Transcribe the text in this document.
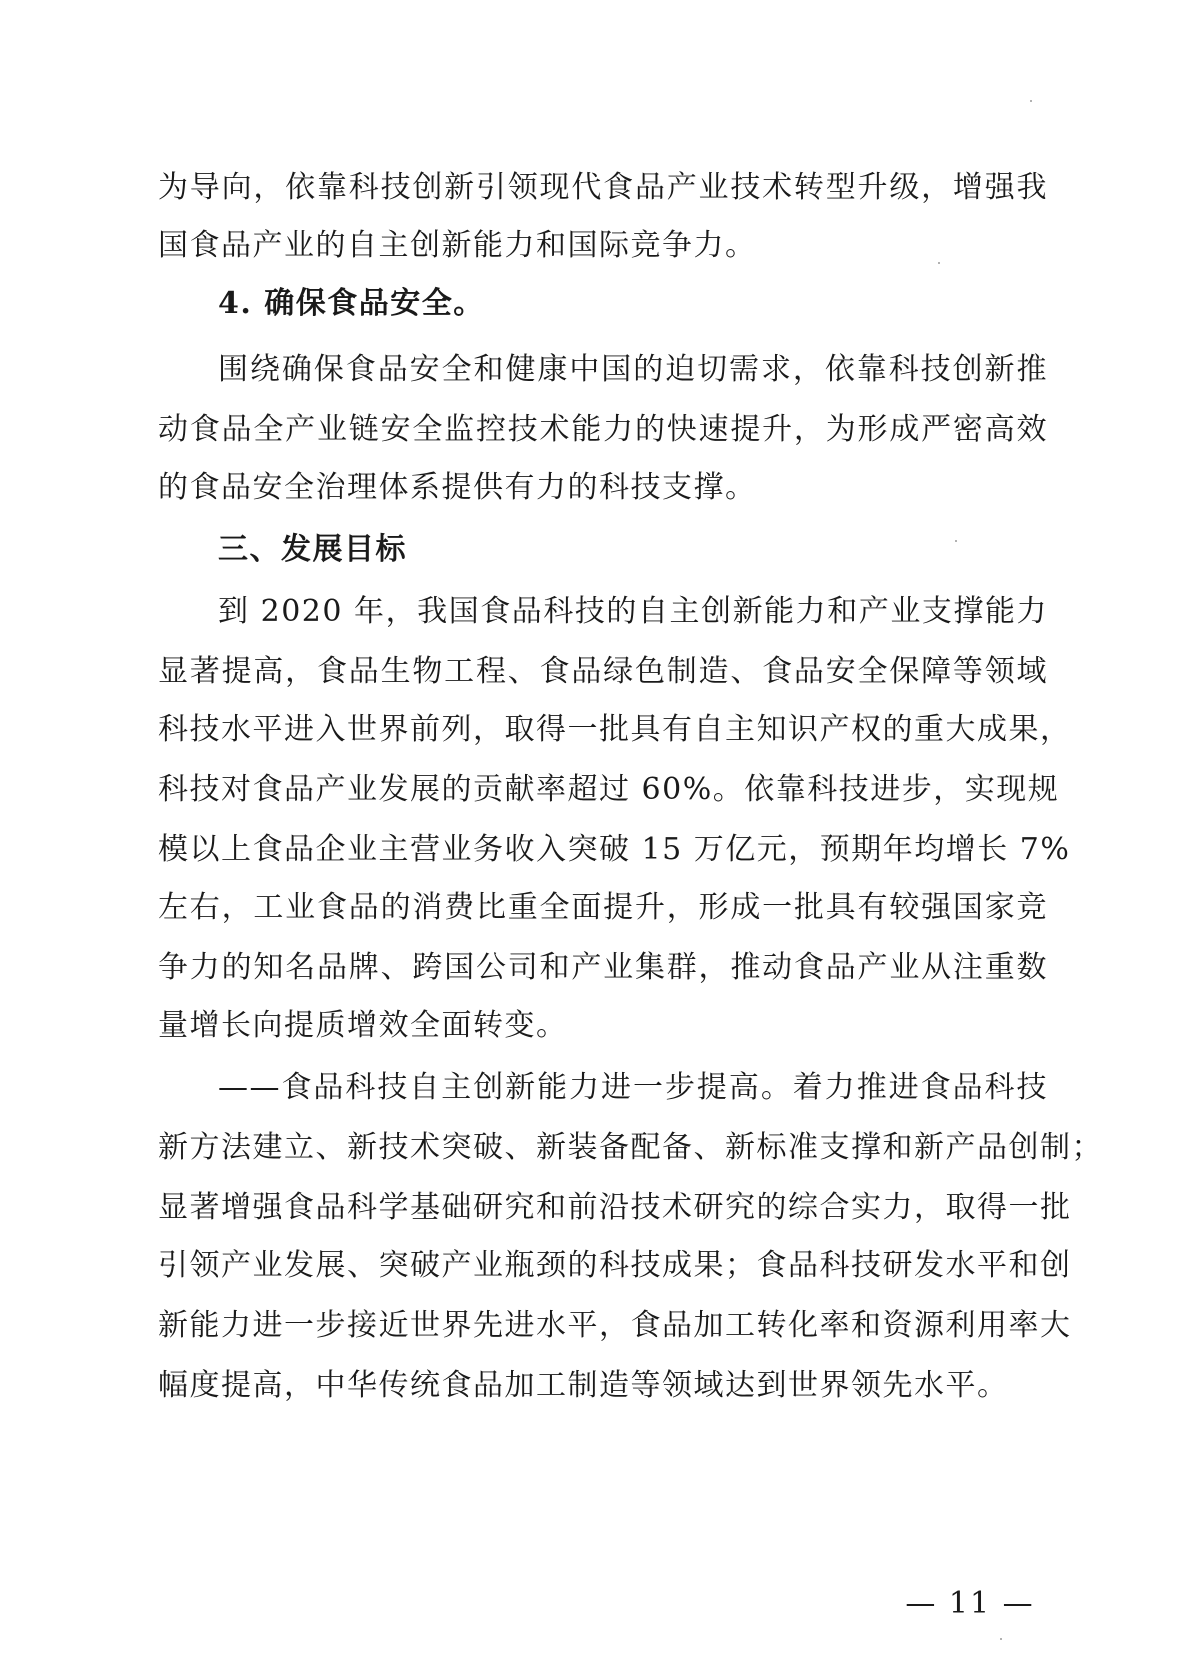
为导向，依靠科技创新引领现代食品产业技术转型升级，增强我
国食品产业的自主创新能力和国际竞争力。
4. 确保食品安全。
围绕确保食品安全和健康中国的迫切需求，依靠科技创新推
动食品全产业链安全监控技术能力的快速提升，为形成严密高效
的食品安全治理体系提供有力的科技支撑。
三、发展目标
到 2020 年，我国食品科技的自主创新能力和产业支撑能力
显著提高，食品生物工程、食品绿色制造、食品安全保障等领域
科技水平进入世界前列，取得一批具有自主知识产权的重大成果，
科技对食品产业发展的贡献率超过 60%。依靠科技进步，实现规
模以上食品企业主营业务收入突破 15 万亿元，预期年均增长 7%
左右，工业食品的消费比重全面提升，形成一批具有较强国家竞
争力的知名品牌、跨国公司和产业集群，推动食品产业从注重数
量增长向提质增效全面转变。
——食品科技自主创新能力进一步提高。着力推进食品科技
新方法建立、新技术突破、新装备配备、新标准支撑和新产品创制；
显著增强食品科学基础研究和前沿技术研究的综合实力，取得一批
引领产业发展、突破产业瓶颈的科技成果；食品科技研发水平和创
新能力进一步接近世界先进水平，食品加工转化率和资源利用率大
幅度提高，中华传统食品加工制造等领域达到世界领先水平。
— 11 —
